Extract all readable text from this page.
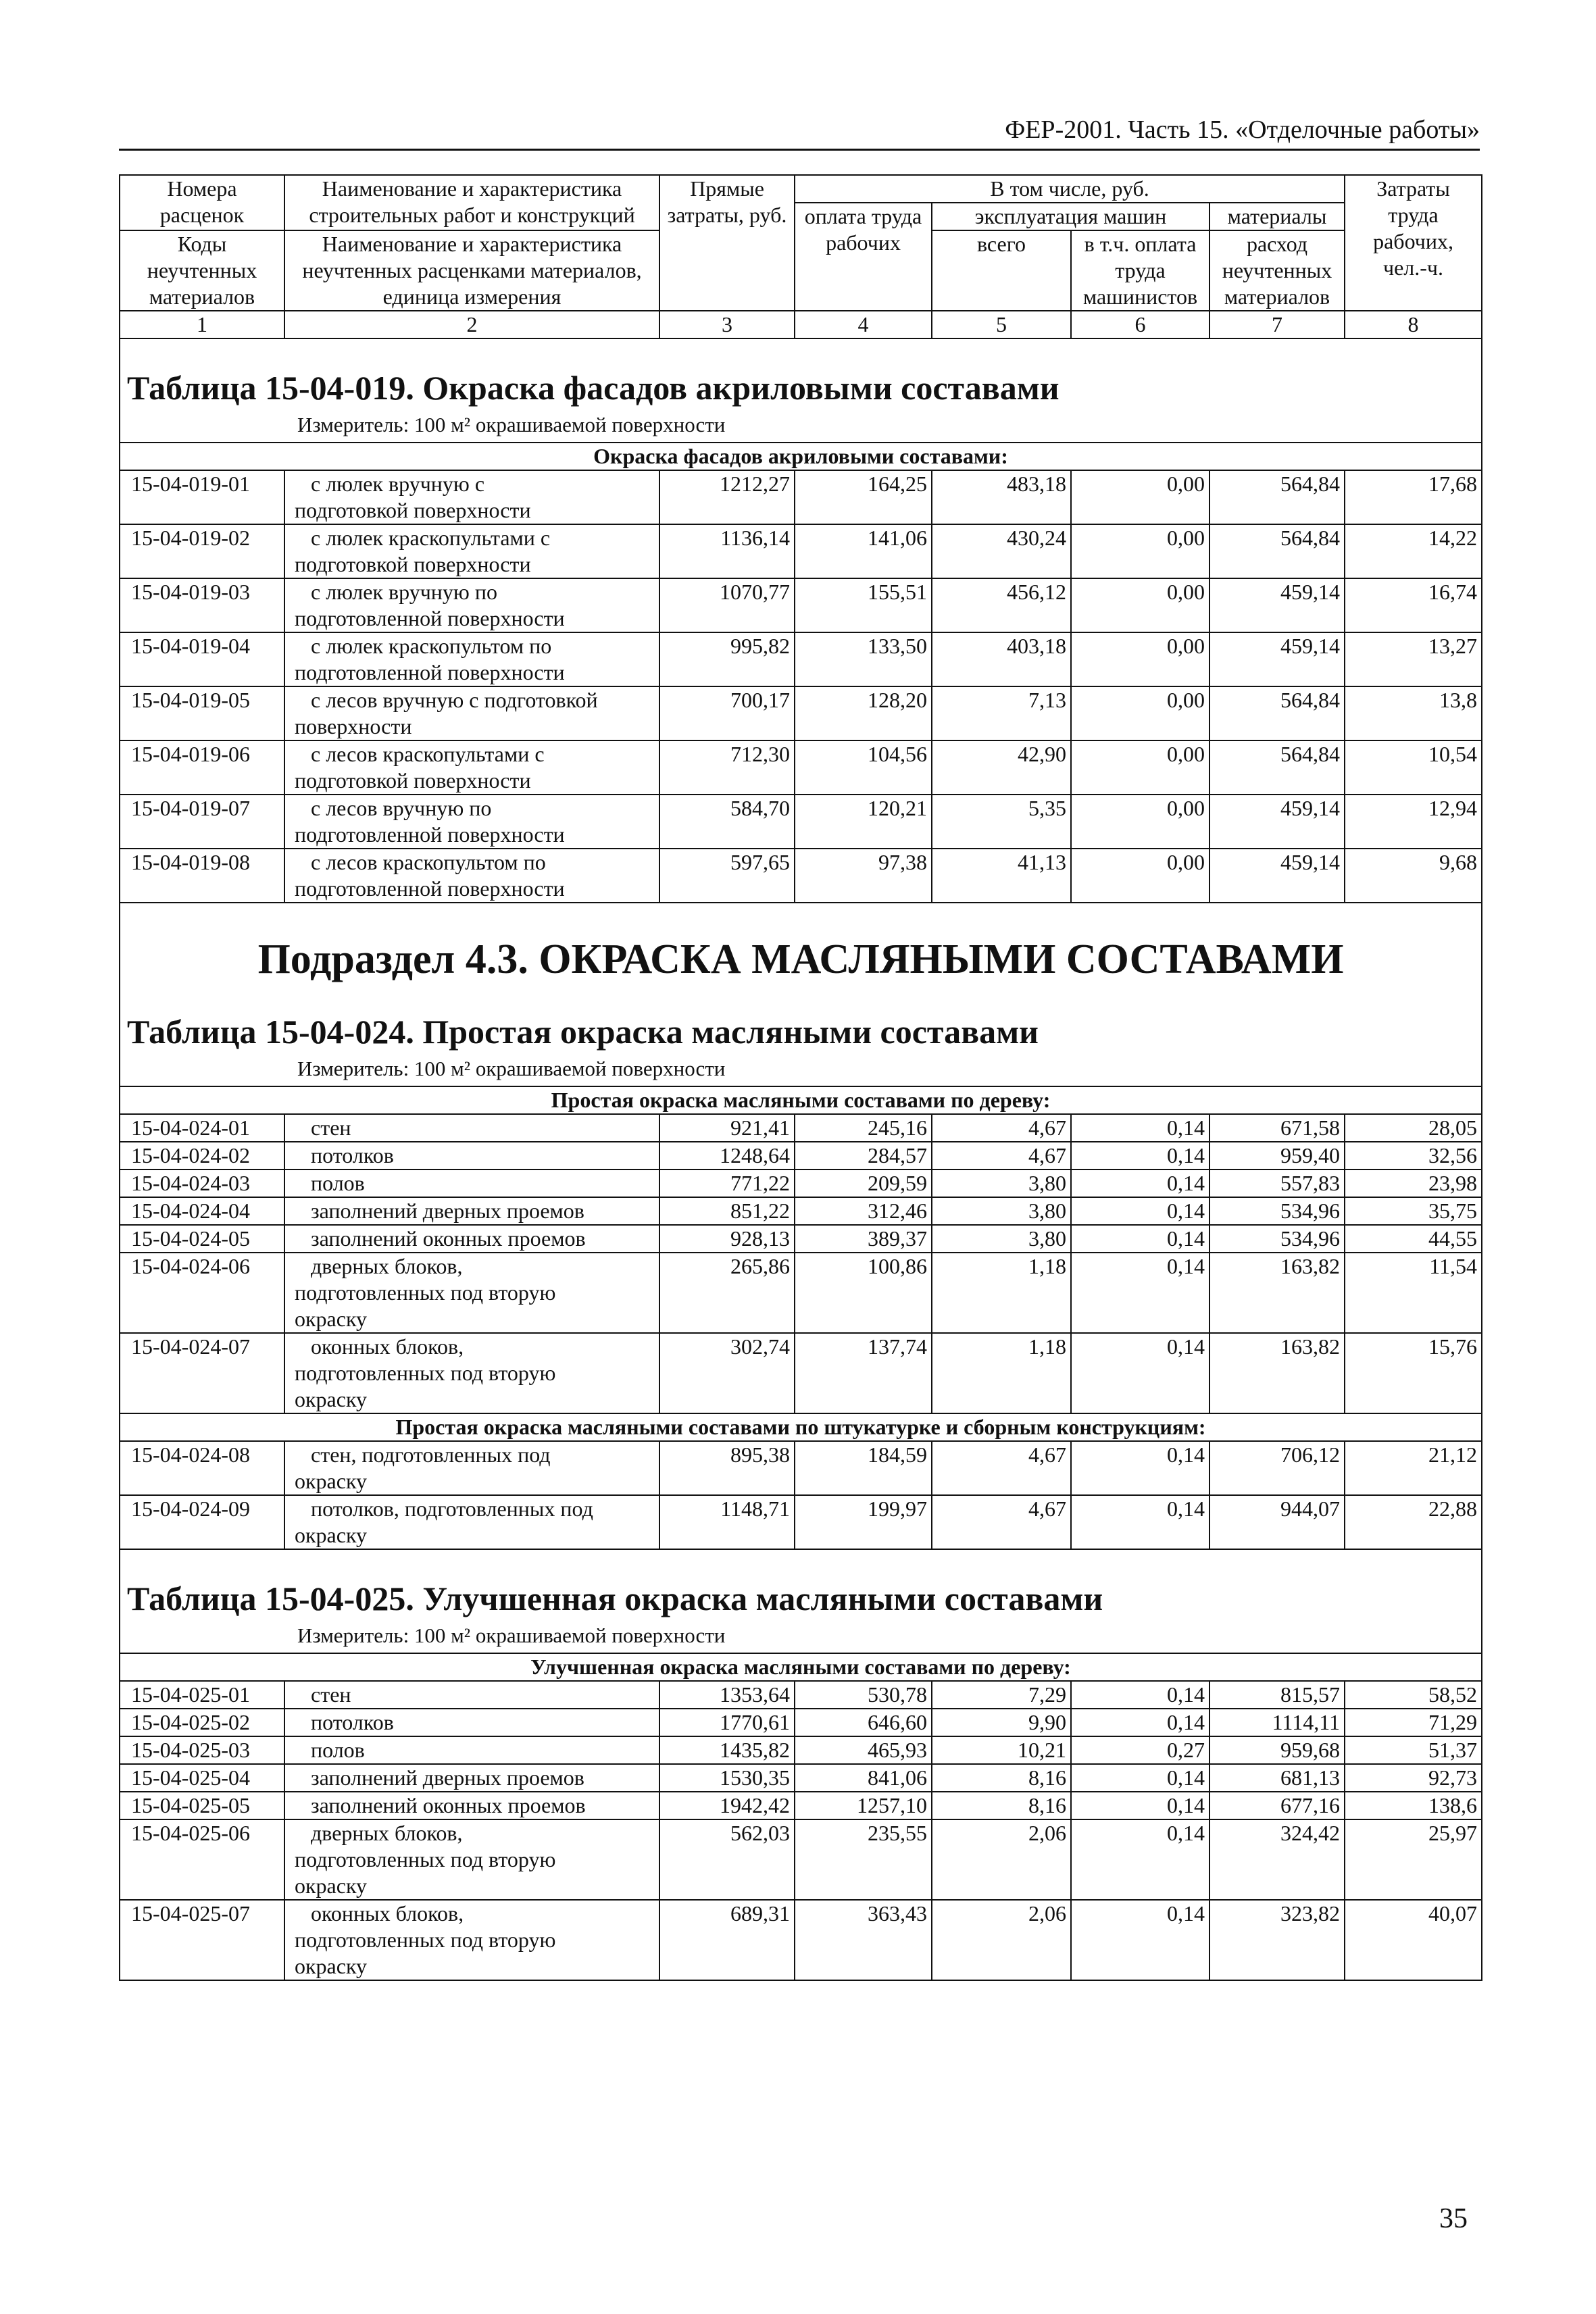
ФЕР-2001. Часть 15. «Отделочные работы»
Номера расценок	Наименование и характеристика строительных работ и конструкций	Прямые затраты, руб.	В том числе, руб.				Затраты труда рабочих, чел.-ч.
			оплата труда рабочих	эксплуатация машин		материалы	
Коды неучтенных материалов	Наименование и характеристика неучтенных расценками материалов, единица измерения			всего	в т.ч. оплата труда машинистов	расход неучтенных материалов	

1	2	3	4	5	6	7	8

Таблица 15-04-019. Окраска фасадов акриловыми составами
Измеритель: 100 м² окрашиваемой поверхности							

Окраска фасадов акриловыми составами:							
15-04-019-01	с люлек вручную с
подготовкой поверхности	1212,27	164,25	483,18	0,00	564,84	17,68
15-04-019-02	с люлек краскопультами с
подготовкой поверхности	1136,14	141,06	430,24	0,00	564,84	14,22
15-04-019-03	с люлек вручную по
подготовленной поверхности	1070,77	155,51	456,12	0,00	459,14	16,74
15-04-019-04	с люлек краскопультом по
подготовленной поверхности	995,82	133,50	403,18	0,00	459,14	13,27
15-04-019-05	с лесов вручную с подготовкой
поверхности	700,17	128,20	7,13	0,00	564,84	13,8
15-04-019-06	с лесов краскопультами с
подготовкой поверхности	712,30	104,56	42,90	0,00	564,84	10,54
15-04-019-07	с лесов вручную по
подготовленной поверхности	584,70	120,21	5,35	0,00	459,14	12,94
15-04-019-08	с лесов краскопультом по
подготовленной поверхности	597,65	97,38	41,13	0,00	459,14	9,68

Подраздел 4.3. ОКРАСКА МАСЛЯНЫМИ СОСТАВАМИ
Таблица 15-04-024. Простая окраска масляными составами
Измеритель: 100 м² окрашиваемой поверхности							

Простая окраска масляными составами по дереву:							
15-04-024-01	стен	921,41	245,16	4,67	0,14	671,58	28,05
15-04-024-02	потолков	1248,64	284,57	4,67	0,14	959,40	32,56
15-04-024-03	полов	771,22	209,59	3,80	0,14	557,83	23,98
15-04-024-04	заполнений дверных проемов	851,22	312,46	3,80	0,14	534,96	35,75
15-04-024-05	заполнений оконных проемов	928,13	389,37	3,80	0,14	534,96	44,55
15-04-024-06	дверных блоков,
подготовленных под вторую
окраску	265,86	100,86	1,18	0,14	163,82	11,54
15-04-024-07	оконных блоков,
подготовленных под вторую
окраску	302,74	137,74	1,18	0,14	163,82	15,76
Простая окраска масляными составами по штукатурке и сборным конструкциям:							
15-04-024-08	стен, подготовленных под
окраску	895,38	184,59	4,67	0,14	706,12	21,12
15-04-024-09	потолков, подготовленных под
окраску	1148,71	199,97	4,67	0,14	944,07	22,88

Таблица 15-04-025. Улучшенная окраска масляными составами
Измеритель: 100 м² окрашиваемой поверхности							

Улучшенная окраска масляными составами по дереву:							
15-04-025-01	стен	1353,64	530,78	7,29	0,14	815,57	58,52
15-04-025-02	потолков	1770,61	646,60	9,90	0,14	1114,11	71,29
15-04-025-03	полов	1435,82	465,93	10,21	0,27	959,68	51,37
15-04-025-04	заполнений дверных проемов	1530,35	841,06	8,16	0,14	681,13	92,73
15-04-025-05	заполнений оконных проемов	1942,42	1257,10	8,16	0,14	677,16	138,6
15-04-025-06	дверных блоков,
подготовленных под вторую
окраску	562,03	235,55	2,06	0,14	324,42	25,97
15-04-025-07	оконных блоков,
подготовленных под вторую
окраску	689,31	363,43	2,06	0,14	323,82	40,07
35
